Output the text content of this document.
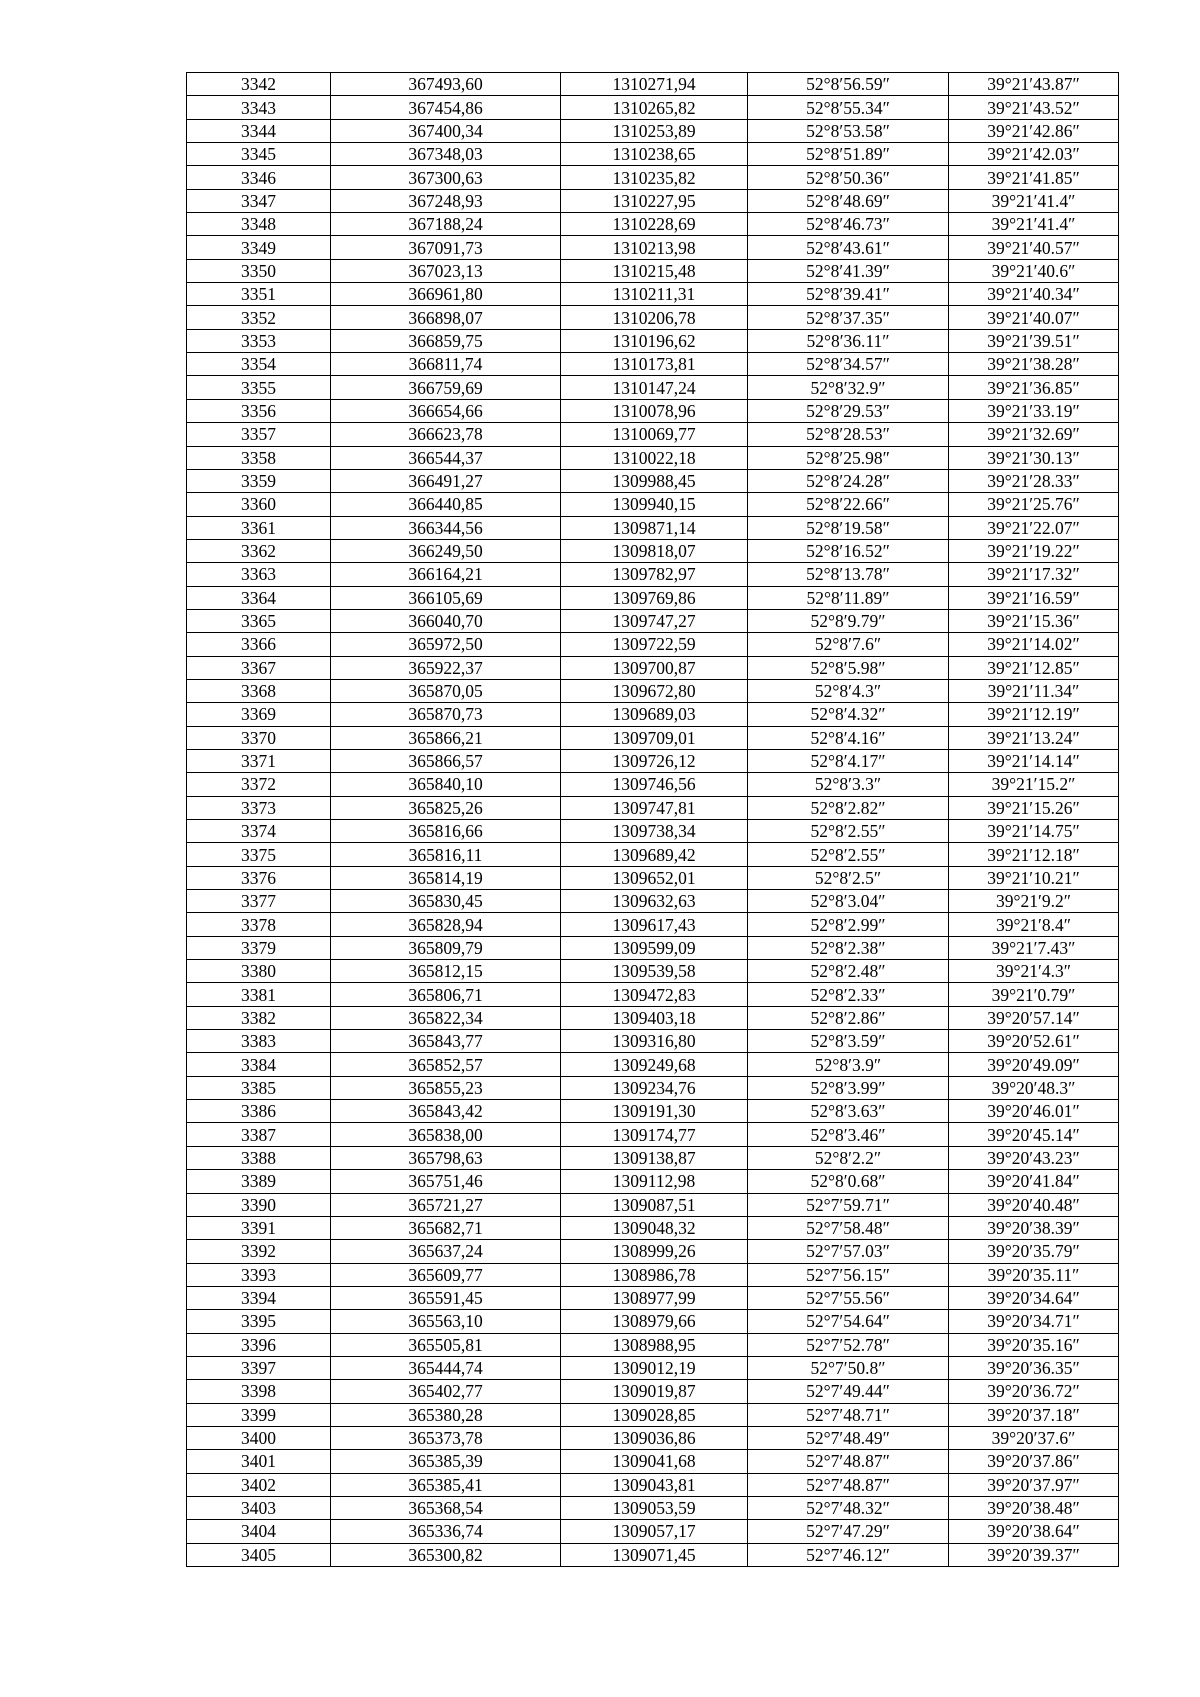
3342	367493,60	1310271,94	52°8′56.59″	39°21′43.87″
3343	367454,86	1310265,82	52°8′55.34″	39°21′43.52″
3344	367400,34	1310253,89	52°8′53.58″	39°21′42.86″
3345	367348,03	1310238,65	52°8′51.89″	39°21′42.03″
3346	367300,63	1310235,82	52°8′50.36″	39°21′41.85″
3347	367248,93	1310227,95	52°8′48.69″	39°21′41.4″
3348	367188,24	1310228,69	52°8′46.73″	39°21′41.4″
3349	367091,73	1310213,98	52°8′43.61″	39°21′40.57″
3350	367023,13	1310215,48	52°8′41.39″	39°21′40.6″
3351	366961,80	1310211,31	52°8′39.41″	39°21′40.34″
3352	366898,07	1310206,78	52°8′37.35″	39°21′40.07″
3353	366859,75	1310196,62	52°8′36.11″	39°21′39.51″
3354	366811,74	1310173,81	52°8′34.57″	39°21′38.28″
3355	366759,69	1310147,24	52°8′32.9″	39°21′36.85″
3356	366654,66	1310078,96	52°8′29.53″	39°21′33.19″
3357	366623,78	1310069,77	52°8′28.53″	39°21′32.69″
3358	366544,37	1310022,18	52°8′25.98″	39°21′30.13″
3359	366491,27	1309988,45	52°8′24.28″	39°21′28.33″
3360	366440,85	1309940,15	52°8′22.66″	39°21′25.76″
3361	366344,56	1309871,14	52°8′19.58″	39°21′22.07″
3362	366249,50	1309818,07	52°8′16.52″	39°21′19.22″
3363	366164,21	1309782,97	52°8′13.78″	39°21′17.32″
3364	366105,69	1309769,86	52°8′11.89″	39°21′16.59″
3365	366040,70	1309747,27	52°8′9.79″	39°21′15.36″
3366	365972,50	1309722,59	52°8′7.6″	39°21′14.02″
3367	365922,37	1309700,87	52°8′5.98″	39°21′12.85″
3368	365870,05	1309672,80	52°8′4.3″	39°21′11.34″
3369	365870,73	1309689,03	52°8′4.32″	39°21′12.19″
3370	365866,21	1309709,01	52°8′4.16″	39°21′13.24″
3371	365866,57	1309726,12	52°8′4.17″	39°21′14.14″
3372	365840,10	1309746,56	52°8′3.3″	39°21′15.2″
3373	365825,26	1309747,81	52°8′2.82″	39°21′15.26″
3374	365816,66	1309738,34	52°8′2.55″	39°21′14.75″
3375	365816,11	1309689,42	52°8′2.55″	39°21′12.18″
3376	365814,19	1309652,01	52°8′2.5″	39°21′10.21″
3377	365830,45	1309632,63	52°8′3.04″	39°21′9.2″
3378	365828,94	1309617,43	52°8′2.99″	39°21′8.4″
3379	365809,79	1309599,09	52°8′2.38″	39°21′7.43″
3380	365812,15	1309539,58	52°8′2.48″	39°21′4.3″
3381	365806,71	1309472,83	52°8′2.33″	39°21′0.79″
3382	365822,34	1309403,18	52°8′2.86″	39°20′57.14″
3383	365843,77	1309316,80	52°8′3.59″	39°20′52.61″
3384	365852,57	1309249,68	52°8′3.9″	39°20′49.09″
3385	365855,23	1309234,76	52°8′3.99″	39°20′48.3″
3386	365843,42	1309191,30	52°8′3.63″	39°20′46.01″
3387	365838,00	1309174,77	52°8′3.46″	39°20′45.14″
3388	365798,63	1309138,87	52°8′2.2″	39°20′43.23″
3389	365751,46	1309112,98	52°8′0.68″	39°20′41.84″
3390	365721,27	1309087,51	52°7′59.71″	39°20′40.48″
3391	365682,71	1309048,32	52°7′58.48″	39°20′38.39″
3392	365637,24	1308999,26	52°7′57.03″	39°20′35.79″
3393	365609,77	1308986,78	52°7′56.15″	39°20′35.11″
3394	365591,45	1308977,99	52°7′55.56″	39°20′34.64″
3395	365563,10	1308979,66	52°7′54.64″	39°20′34.71″
3396	365505,81	1308988,95	52°7′52.78″	39°20′35.16″
3397	365444,74	1309012,19	52°7′50.8″	39°20′36.35″
3398	365402,77	1309019,87	52°7′49.44″	39°20′36.72″
3399	365380,28	1309028,85	52°7′48.71″	39°20′37.18″
3400	365373,78	1309036,86	52°7′48.49″	39°20′37.6″
3401	365385,39	1309041,68	52°7′48.87″	39°20′37.86″
3402	365385,41	1309043,81	52°7′48.87″	39°20′37.97″
3403	365368,54	1309053,59	52°7′48.32″	39°20′38.48″
3404	365336,74	1309057,17	52°7′47.29″	39°20′38.64″
3405	365300,82	1309071,45	52°7′46.12″	39°20′39.37″
